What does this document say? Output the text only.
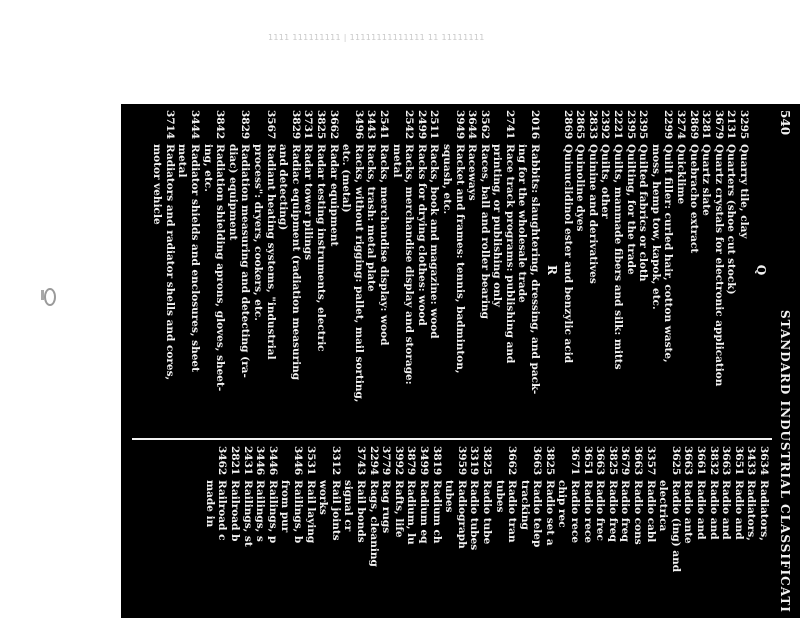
1111 111111111 | 11111111111111 11 11111111
540
STANDARD INDUSTRIAL CLASSIFICATI
Q
3295
Quarry tile, clay
2131
Quarters (shoe cut stock)
3679
Quartz crystals for electronic application
3281
Quartz slate
2869
Quebracho extract
3274
Quicklime
2299
Quilt filler: curled hair, cotton waste,
moss, hemp tow, kapok, etc.
2395
Quilted fabrics or cloth
2395
Quilting, for the trade
2221
Quilts, manmade fibers and silk: mitts
2392
Quilts, other
2833
Quinine and derivatives
2865
Quinoline dyes
2869
Quinuclidinol ester and benzylic acid
R
2016
Rabbits: slaughtering, dressing, and pack-
ing for the wholesale trade
2741
Race track programs: publishing and
printing, or publishing only
3562
Races, ball and roller bearing
3644
Raceways
3949
Racket and frames: tennis, badminton,
squash, etc.
2511
Racks, book and magazine: wood
2499
Racks for drying clothes: wood
2542
Racks, merchandise display and storage:
metal
2541
Racks, merchandise display: wood
3443
Racks, trash: metal plate
3496
Racks, without rigging: pallet, mail sorting,
etc. (metal)
3662
Radar equipment
3825
Radar testing instruments, electric
3731
Radar tower pilings
3829
Radiac equipment (radiation measuring
and detecting)
3567
Radiant heating systems, "industrial
process": dryers, cookers, etc.
3829
Radiation measuring and detecting (ra-
diac) equipment
3842
Radiation shielding aprons, gloves, sheet-
ing, etc.
3444
Radiator shields and enclosures, sheet
metal
3714
Radiators and radiator shells and cores,
motor vehicle
3634
Radiators,
3433
Radiators,
3651
Radio and
3663
Radio and
3832
Radio and
3661
Radio and
3663
Radio ante
3625
Radio (ing) and
electrica
3357
Radio cabl
3663
Radio cons
3679
Radio freq
3825
Radio freq
3663
Radio frec
3651
Radio rece
3671
Radio rece
chip rec
3825
Radio set a
3663
Radio telep
tracking
3662
Radio tran
tubes
3825
Radio tube
3319
Radio tubes
3959
Radiograph
tubes
3819
Radium ch
3499
Radium eq
3879
Radium, lu
3992
Rafts, life
3779
Rag rugs
2294
Rags, cleaning
3743
Rail bonds
signal cr
3312
Rail joints
works
3531
Rail laying
3446
Railings, b
from pur
3446
Railings, p
3446
Railings, s
2431
Railings, st
2821
Railroad b
3462
Railroad c
made in
